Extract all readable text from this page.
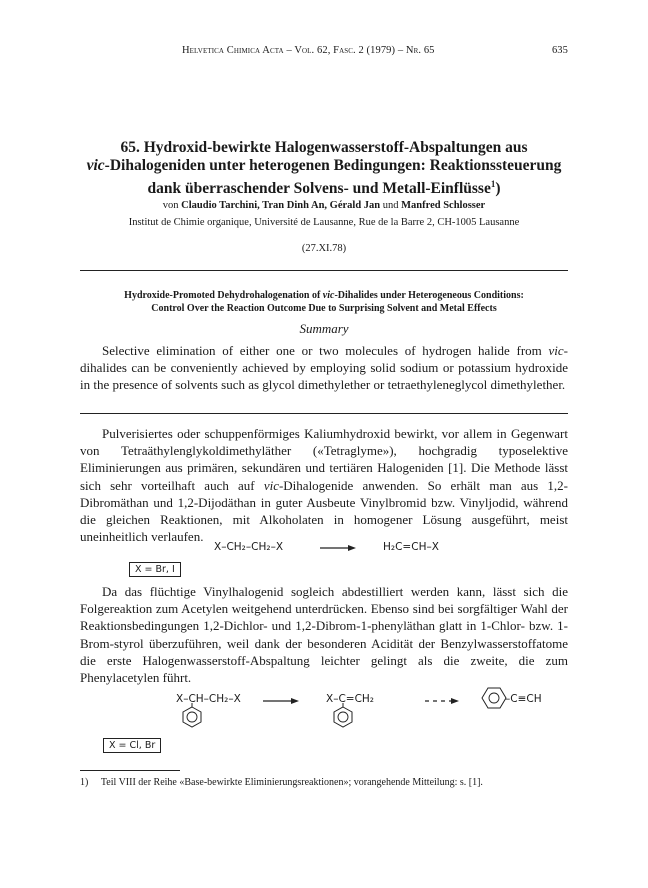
Helvetica Chimica Acta – Vol. 62, Fasc. 2 (1979) – Nr. 65	635
65. Hydroxid-bewirkte Halogenwasserstoff-Abspaltungen aus
vic-Dihalogeniden unter heterogenen Bedingungen: Reaktionssteuerung
dank überraschender Solvens- und Metall-Einflüsse$^1$)
von Claudio Tarchini, Tran Dinh An, Gérald Jan und Manfred Schlosser
Institut de Chimie organique, Université de Lausanne, Rue de la Barre 2, CH-1005 Lausanne
(27.XI.78)
Hydroxide-Promoted Dehydrohalogenation of vic-Dihalides under Heterogeneous Conditions:
Control Over the Reaction Outcome Due to Surprising Solvent and Metal Effects
Summary

Selective elimination of either one or two molecules of hydrogen halide from vic-dihalides can be conveniently achieved by employing solid sodium or potassium hydroxide in the presence of solvents such as glycol dimethylether or tetraethyleneglycol dimethylether.

Pulverisiertes oder schuppenförmiges Kaliumhydroxid bewirkt, vor allem in Gegenwart von Tetraäthylenglykoldimethyläther («Tetraglyme»), hochgradig typoselektive Eliminierungen aus primären, sekundären und tertiären Halogeniden [1]. Die Methode lässt sich sehr vorteilhaft auch auf vic-Dihalogenide anwenden. So erhält man aus 1,2-Dibromäthan und 1,2-Dijodäthan in guter Ausbeute Vinylbromid bzw. Vinyljodid, während die gleichen Reaktionen, mit Alkoholaten in homogener Lösung ausgeführt, meist uneinheitlich verlaufen.

X–CH₂–CH₂–X	H₂C=CH–X
X = Br, I

Da das flüchtige Vinylhalogenid sogleich abdestilliert werden kann, lässt sich die Folgereaktion zum Acetylen weitgehend unterdrücken. Ebenso sind bei sorgfältiger Wahl der Reaktionsbedingungen 1,2-Dichlor- und 1,2-Dibrom-1-phenyläthan glatt in 1-Chlor- bzw. 1-Brom-styrol überzuführen, weil dank der besonderen Acidität der Benzylwasserstoffatome die erste Halogenwasserstoff-Abspaltung leichter gelingt als die zweite, die zum Phenylacetylen führt.

X–CH–CH₂–X	X–C=CH₂	–C≡CH
X = Cl, Br
1) Teil VIII der Reihe «Base-bewirkte Eliminierungsreaktionen»; vorangehende Mitteilung: s. [1].
